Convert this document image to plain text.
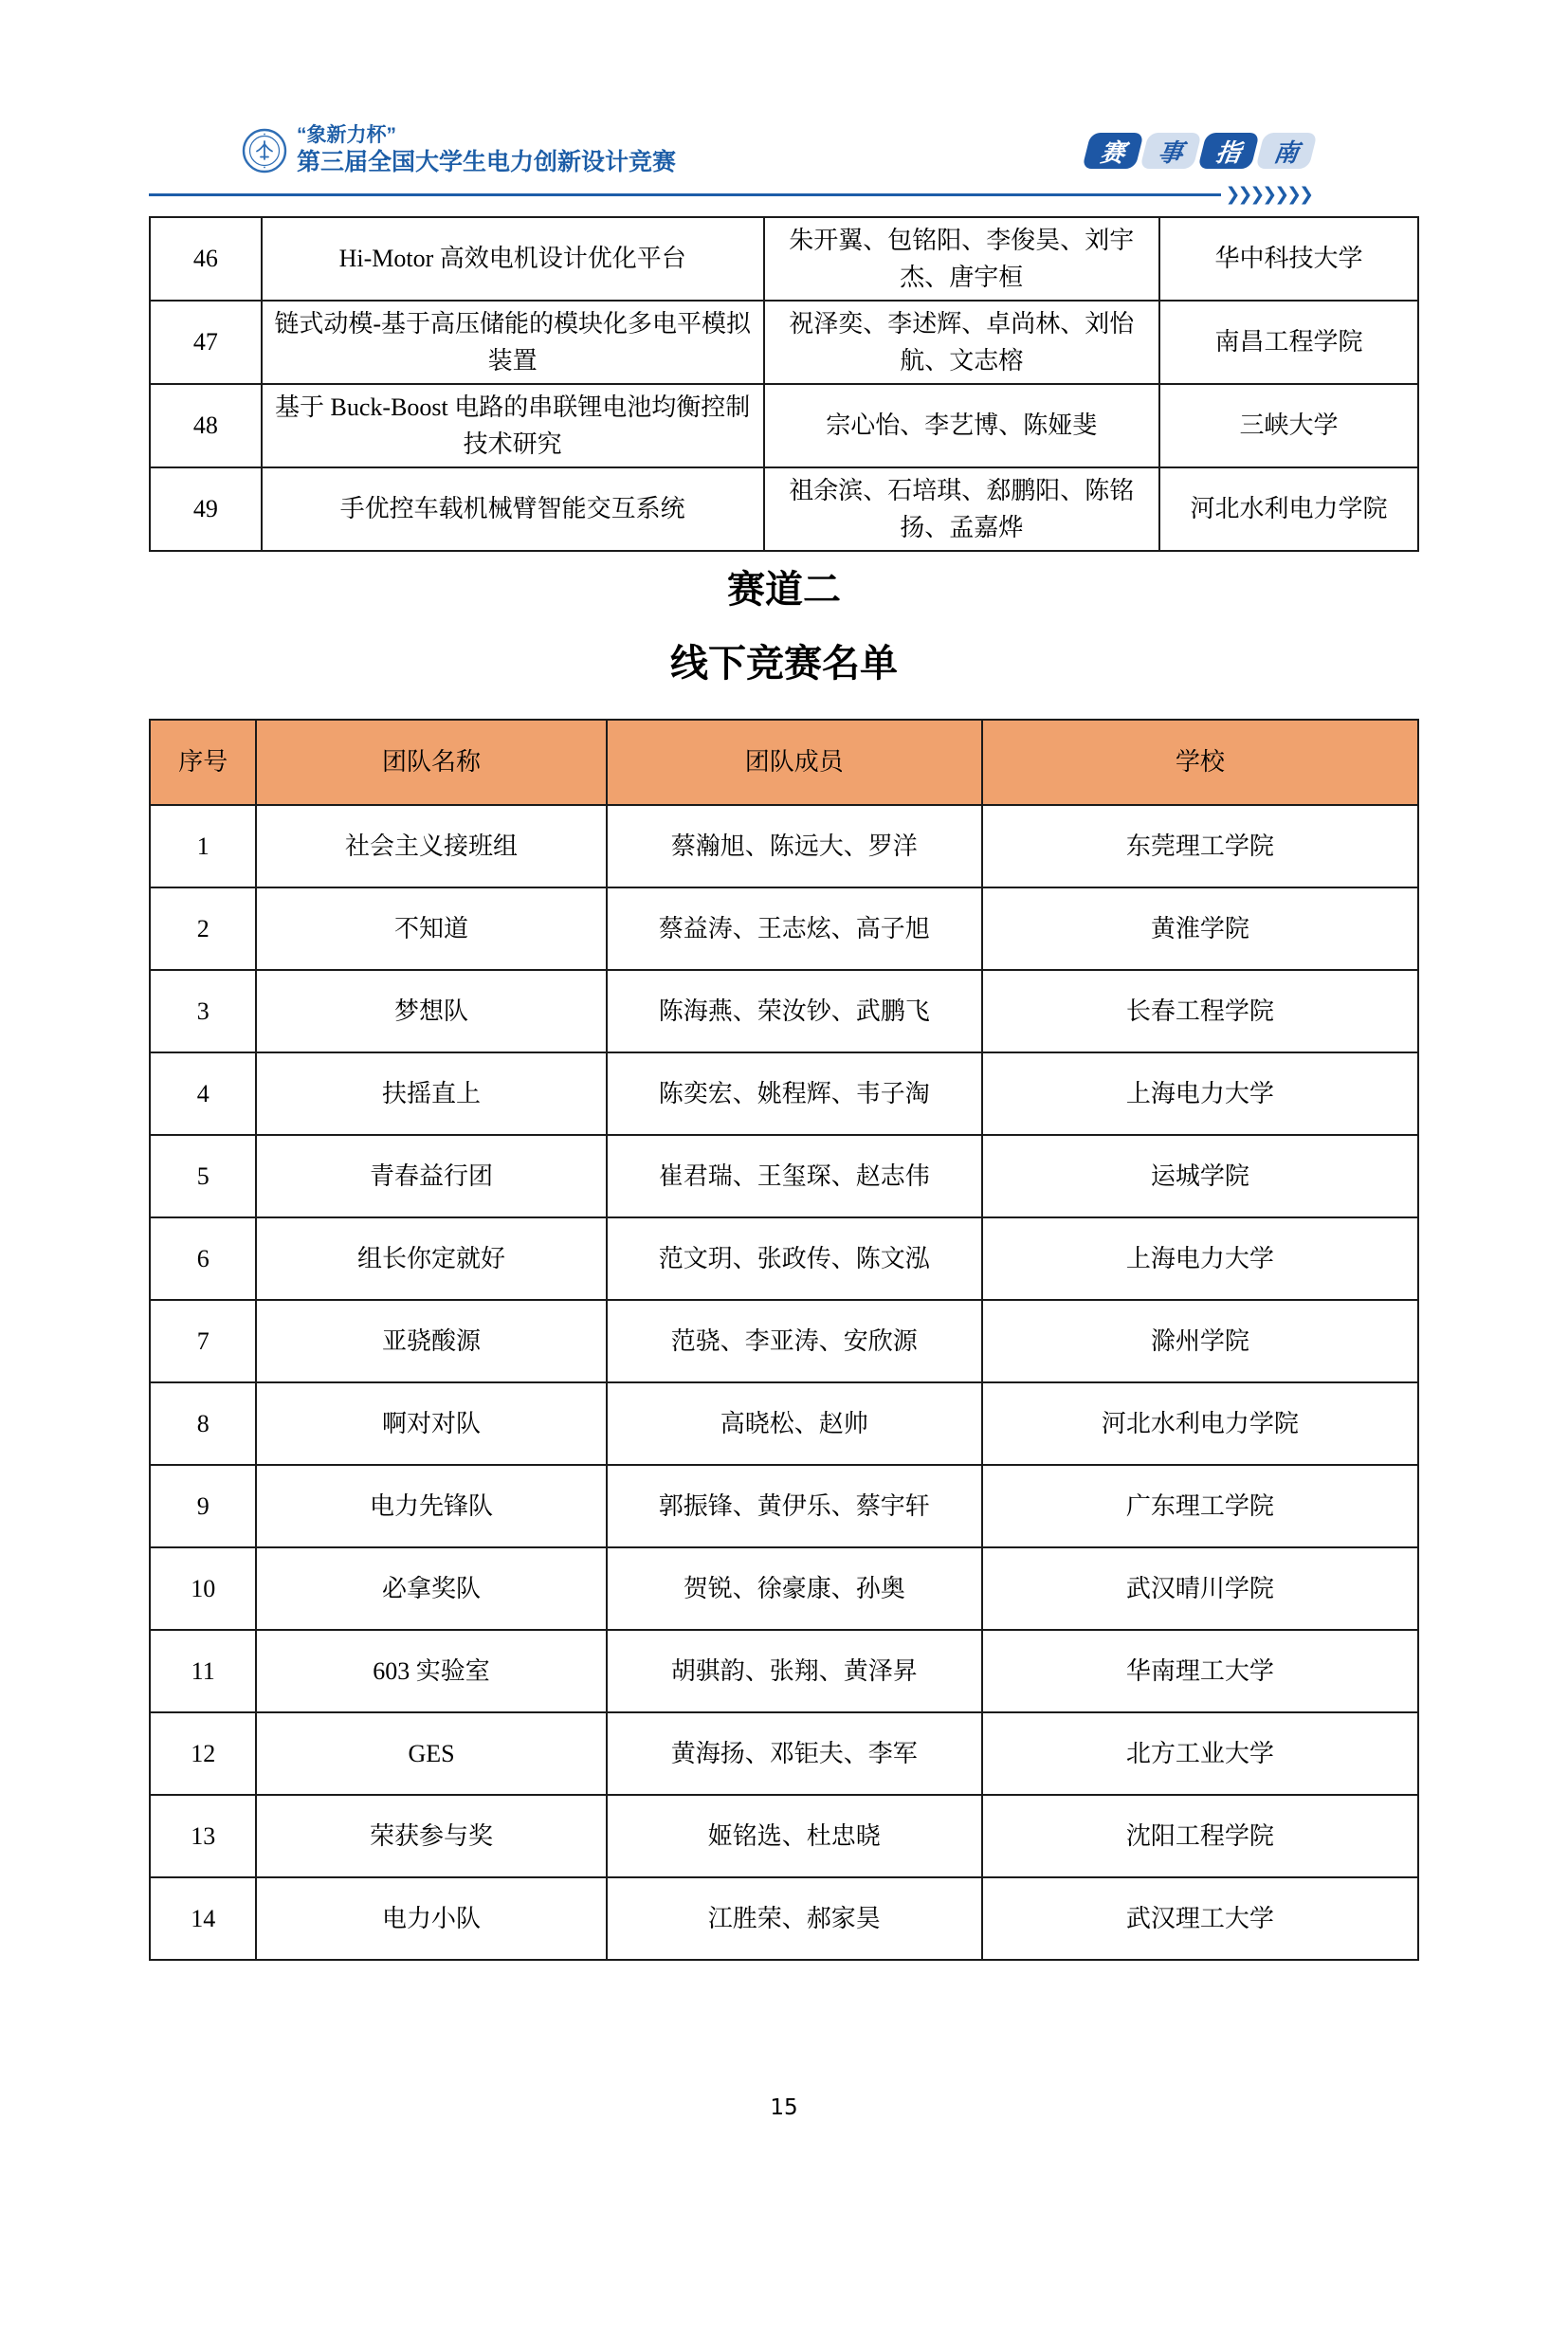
“象新力杯”
第三届全国大学生电力创新设计竞赛	赛 事 指 南
❯❯❯❯❯❯❯
46	Hi-Motor 高效电机设计优化平台	朱开翼、包铭阳、李俊昊、刘宇杰、唐宇桓	华中科技大学
47	链式动模-基于高压储能的模块化多电平模拟装置	祝泽奕、李述辉、卓尚林、刘怡航、文志榕	南昌工程学院
48	基于 Buck-Boost 电路的串联锂电池均衡控制技术研究	宗心怡、李艺博、陈娅斐	三峡大学
49	手优控车载机械臂智能交互系统	祖余滨、石培琪、郄鹏阳、陈铭扬、孟嘉烨	河北水利电力学院
赛道二
线下竞赛名单
序号	团队名称	团队成员	学校
1	社会主义接班组	蔡瀚旭、陈远大、罗洋	东莞理工学院
2	不知道	蔡益涛、王志炫、高子旭	黄淮学院
3	梦想队	陈海燕、荣汝钞、武鹏飞	长春工程学院
4	扶摇直上	陈奕宏、姚程辉、韦子淘	上海电力大学
5	青春益行团	崔君瑞、王玺琛、赵志伟	运城学院
6	组长你定就好	范文玥、张政传、陈文泓	上海电力大学
7	亚骁酸源	范骁、李亚涛、安欣源	滁州学院
8	啊对对队	高晓松、赵帅	河北水利电力学院
9	电力先锋队	郭振锋、黄伊乐、蔡宇轩	广东理工学院
10	必拿奖队	贺锐、徐豪康、孙奥	武汉晴川学院
11	603 实验室	胡骐韵、张翔、黄泽昇	华南理工大学
12	GES	黄海扬、邓钜夫、李军	北方工业大学
13	荣获参与奖	姬铭选、杜忠晓	沈阳工程学院
14	电力小队	江胜荣、郝家昊	武汉理工大学
15
